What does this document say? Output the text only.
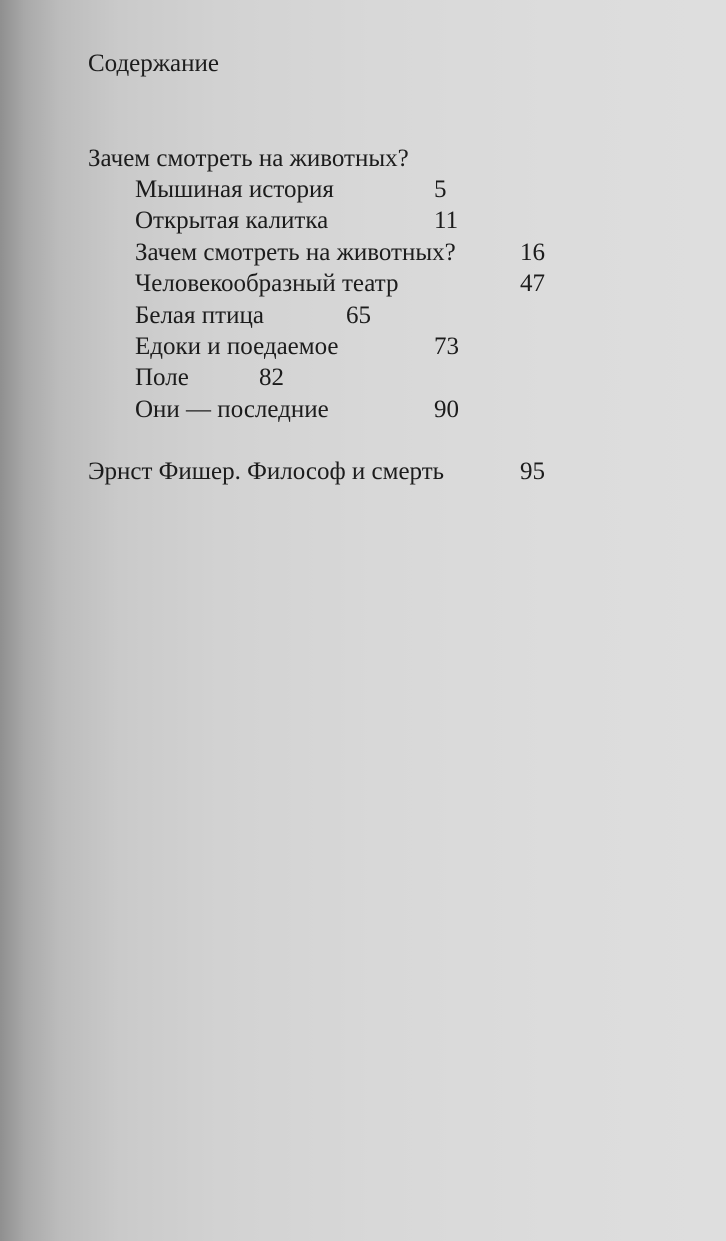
Содержание
Зачем смотреть на животных?
Мышиная история	5
Открытая калитка	11
Зачем смотреть на животных?	16
Человекообразный театр	47
Белая птица	65
Едоки и поедаемое	73
Поле	82
Они — последние	90
Эрнст Фишер. Философ и смерть	95
